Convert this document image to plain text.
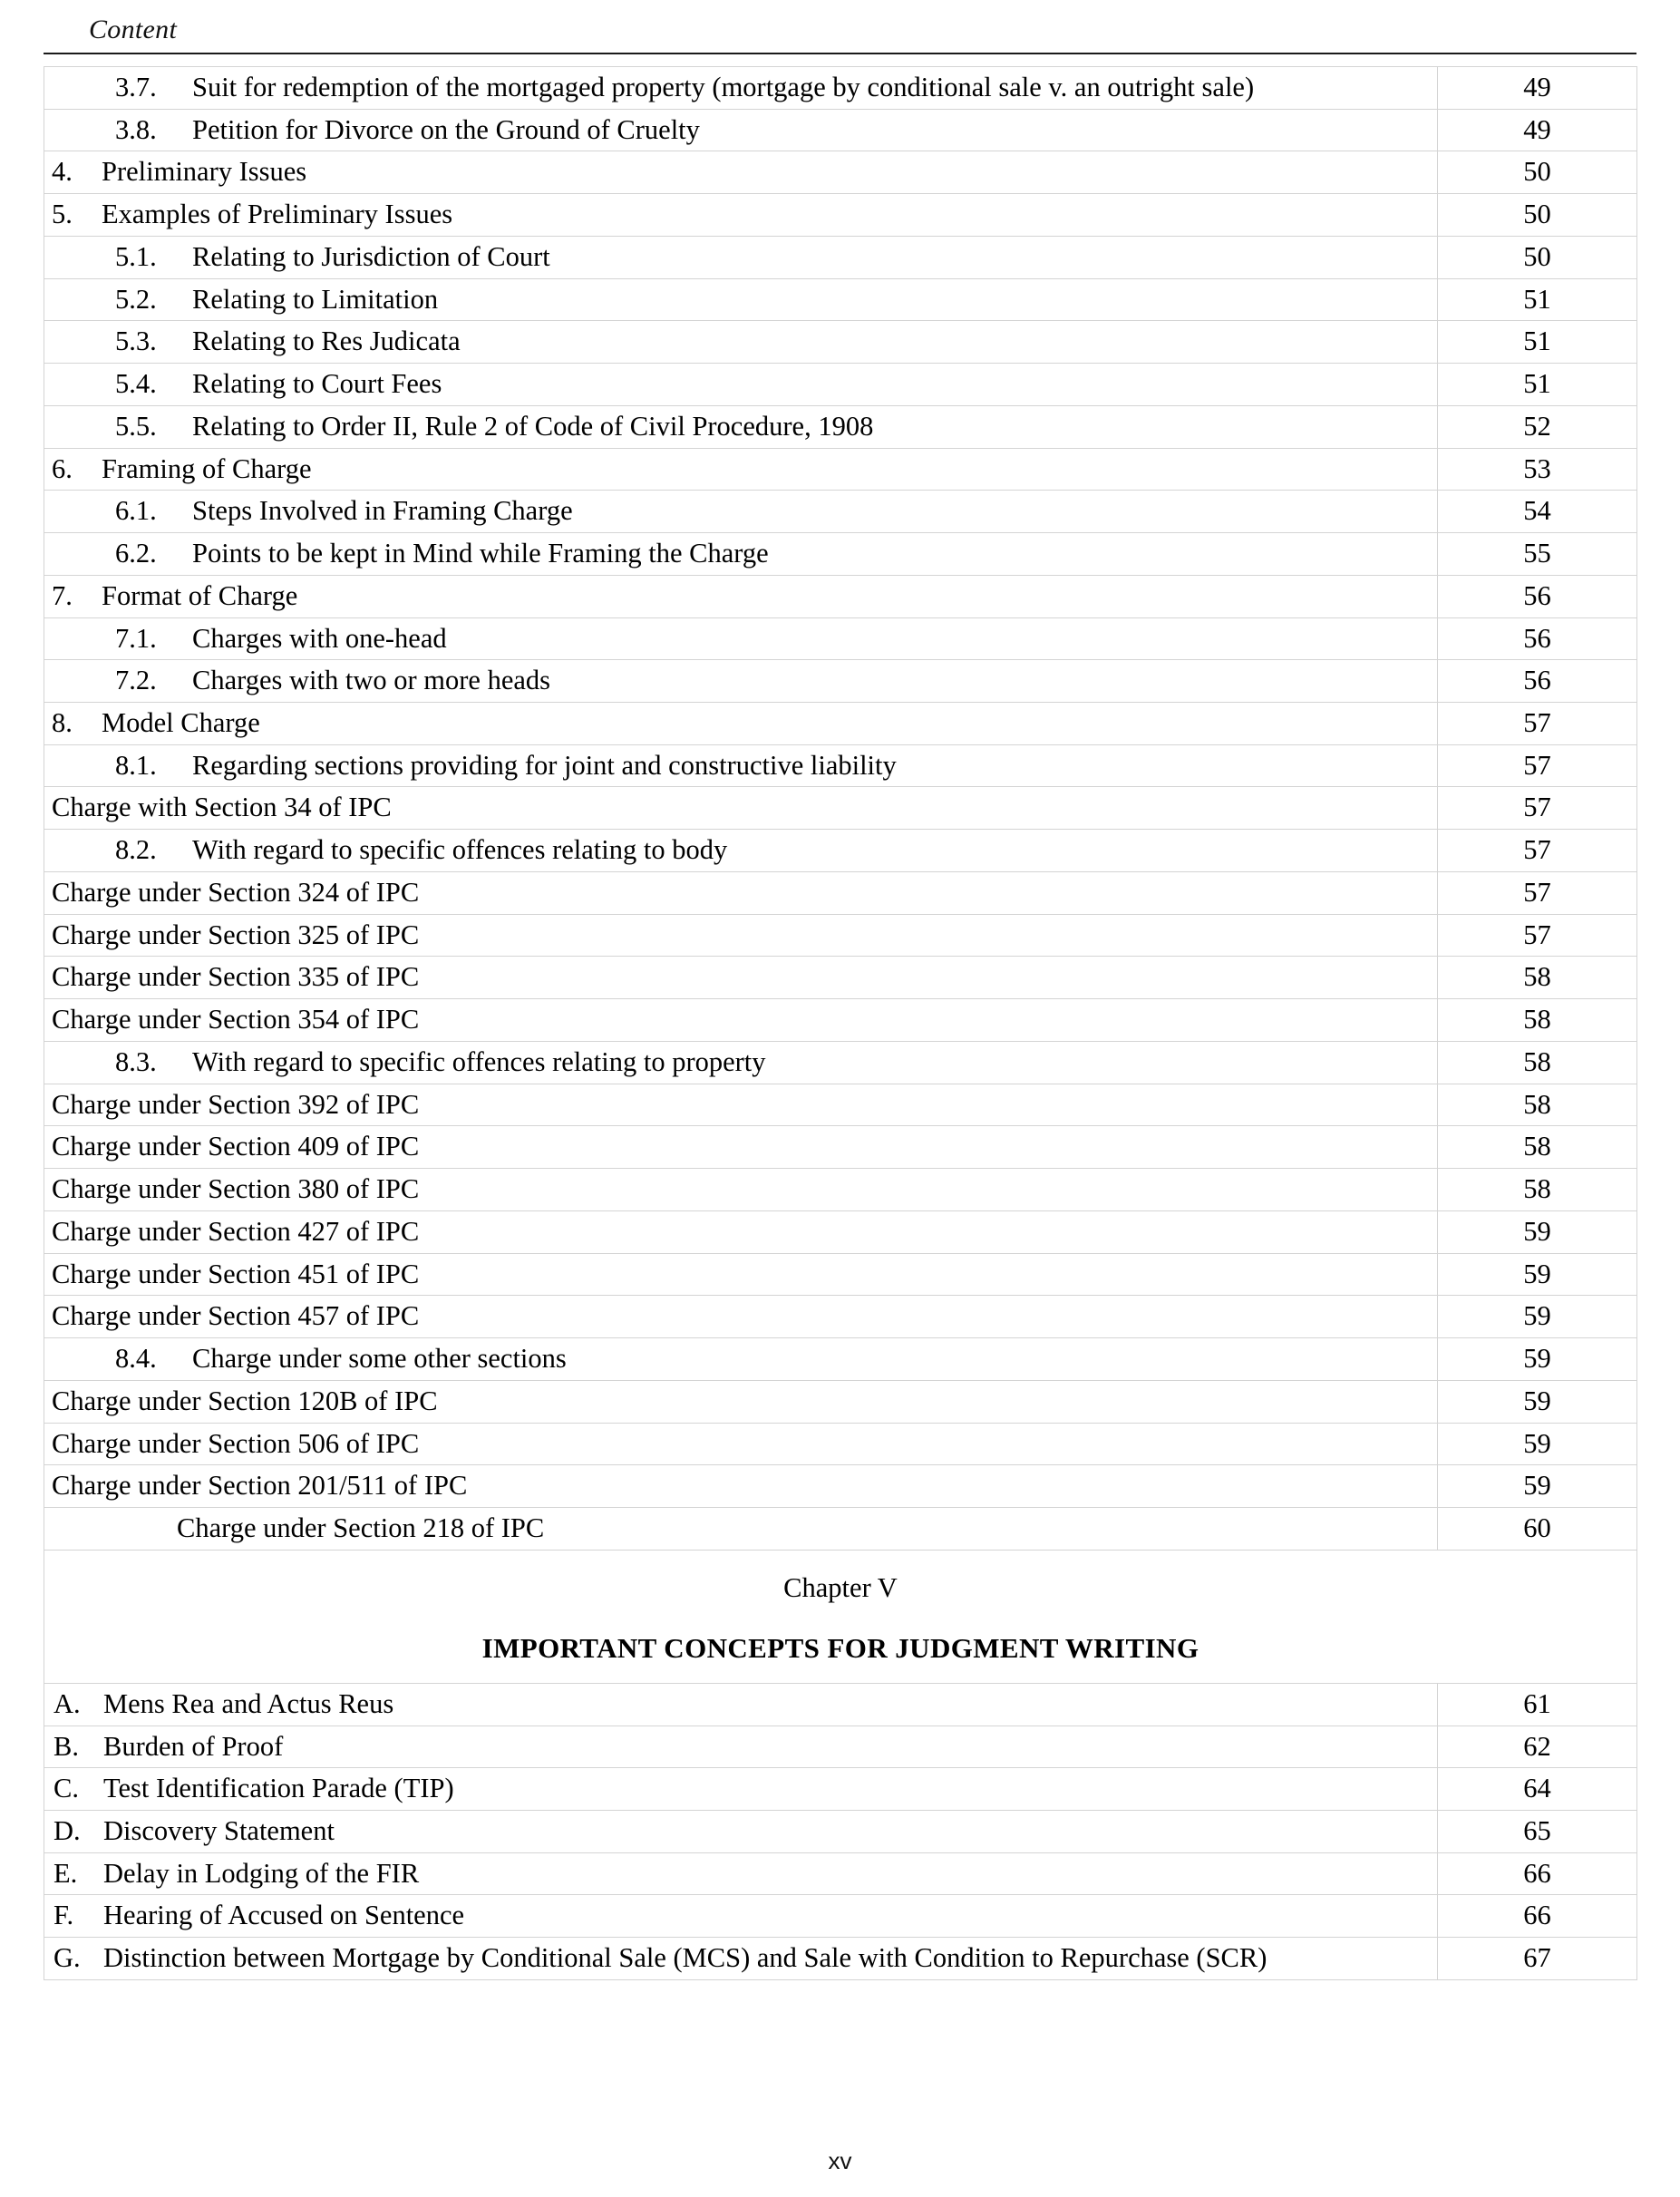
Content
3.7. Suit for redemption of the mortgaged property (mortgage by conditional sale v. an outright sale)	49

3.8. Petition for Divorce on the Ground of Cruelty	49

4. Preliminary Issues	50

5. Examples of Preliminary Issues	50

5.1. Relating to Jurisdiction of Court	50

5.2. Relating to Limitation	51

5.3. Relating to Res Judicata	51

5.4. Relating to Court Fees	51

5.5. Relating to Order II, Rule 2 of Code of Civil Procedure, 1908	52

6. Framing of Charge	53

6.1. Steps Involved in Framing Charge	54

6.2. Points to be kept in Mind while Framing the Charge	55

7. Format of Charge	56

7.1. Charges with one-head	56

7.2. Charges with two or more heads	56

8. Model Charge	57

8.1. Regarding sections providing for joint and constructive liability	57

Charge with Section 34 of IPC	57

8.2. With regard to specific offences relating to body	57

Charge under Section 324 of IPC	57

Charge under Section 325 of IPC	57

Charge under Section 335 of IPC	58

Charge under Section 354 of IPC	58

8.3. With regard to specific offences relating to property	58

Charge under Section 392 of IPC	58

Charge under Section 409 of IPC	58

Charge under Section 380 of IPC	58

Charge under Section 427 of IPC	59

Charge under Section 451 of IPC	59

Charge under Section 457 of IPC	59

8.4. Charge under some other sections	59

Charge under Section 120B of IPC	59

Charge under Section 506 of IPC	59

Charge under Section 201/511 of IPC	59

Charge under Section 218 of IPC	60

Chapter V
IMPORTANT CONCEPTS FOR JUDGMENT WRITING	

A. Mens Rea and Actus Reus	61

B. Burden of Proof	62

C. Test Identification Parade (TIP)	64

D. Discovery Statement	65

E. Delay in Lodging of the FIR	66

F. Hearing of Accused on Sentence	66

G. Distinction between Mortgage by Conditional Sale (MCS) and Sale with Condition to Repurchase (SCR)	67
xv
